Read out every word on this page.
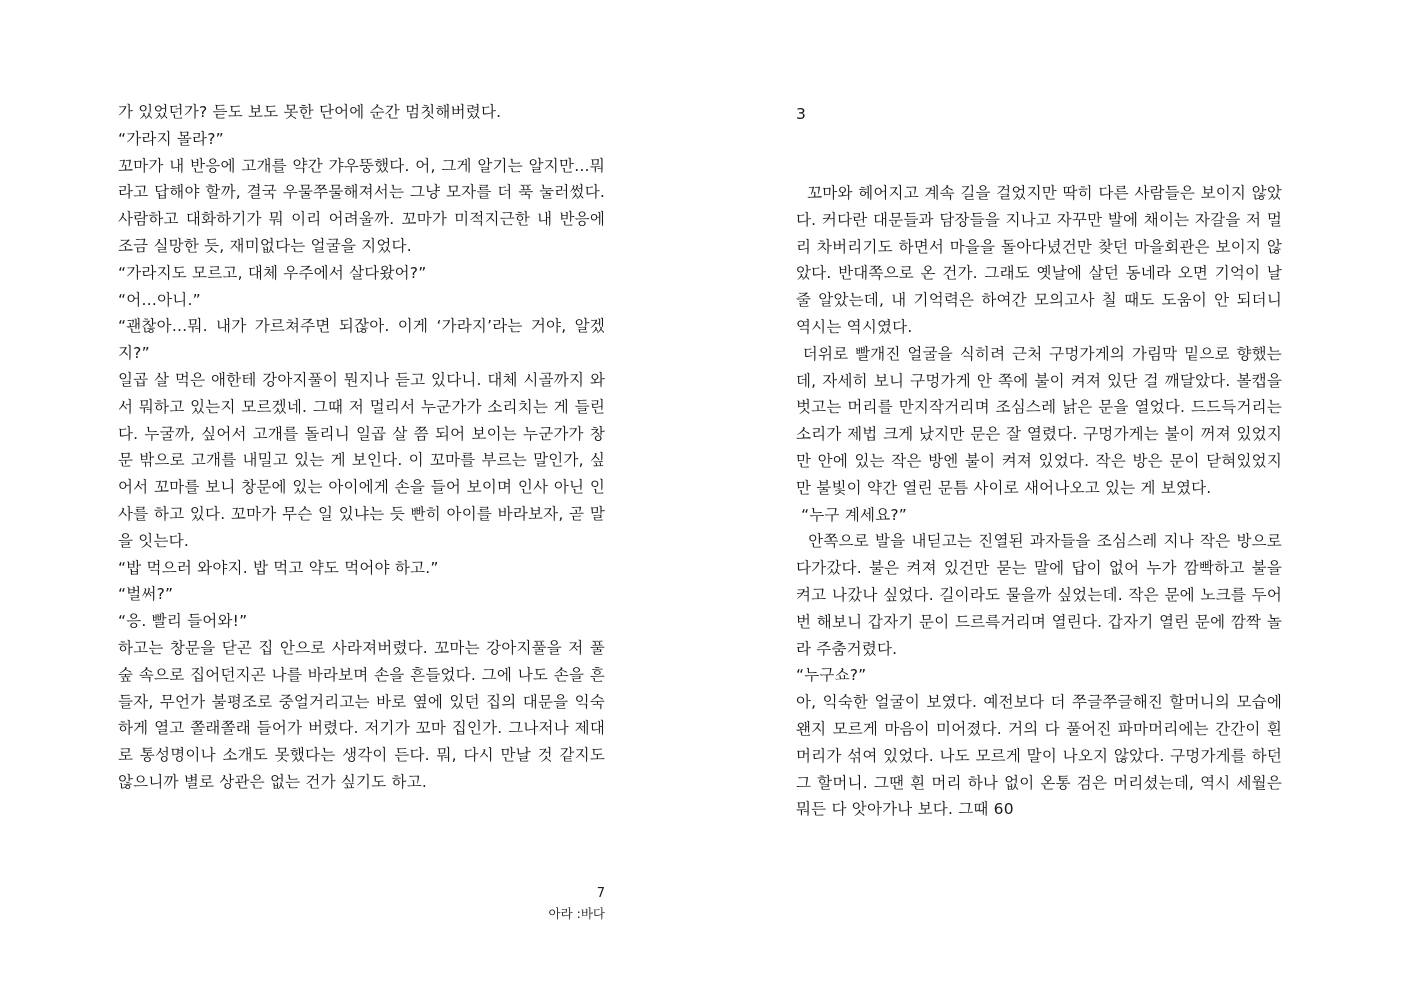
가 있었던가? 듣도 보도 못한 단어에 순간 멈칫해버렸다.

“가라지 몰라?”

꼬마가 내 반응에 고개를 약간 갸우뚱했다. 어, 그게 알기는 알지만…뭐라고 답해야 할까, 결국 우물쭈물해져서는 그냥 모자를 더 푹 눌러썼다. 사람하고 대화하기가 뭐 이리 어려울까. 꼬마가 미적지근한 내 반응에 조금 실망한 듯, 재미없다는 얼굴을 지었다.

“가라지도 모르고, 대체 우주에서 살다왔어?”

“어…아니.”

“괜찮아…뭐. 내가 가르쳐주면 되잖아. 이게 ‘가라지’라는 거야, 알겠지?”

일곱 살 먹은 애한테 강아지풀이 뭔지나 듣고 있다니. 대체 시골까지 와서 뭐하고 있는지 모르겠네. 그때 저 멀리서 누군가가 소리치는 게 들린다. 누굴까, 싶어서 고개를 돌리니 일곱 살 쯤 되어 보이는 누군가가 창문 밖으로 고개를 내밀고 있는 게 보인다. 이 꼬마를 부르는 말인가, 싶어서 꼬마를 보니 창문에 있는 아이에게 손을 들어 보이며 인사 아닌 인사를 하고 있다. 꼬마가 무슨 일 있냐는 듯 빤히 아이를 바라보자, 곧 말을 잇는다.

“밥 먹으러 와야지. 밥 먹고 약도 먹어야 하고.”

“벌써?”

“응. 빨리 들어와!”

하고는 창문을 닫곤 집 안으로 사라져버렸다. 꼬마는 강아지풀을 저 풀숲 속으로 집어던지곤 나를 바라보며 손을 흔들었다. 그에 나도 손을 흔들자, 무언가 불평조로 중얼거리고는 바로 옆에 있던 집의 대문을 익숙하게 열고 쫄래쫄래 들어가 버렸다. 저기가 꼬마 집인가. 그나저나 제대로 통성명이나 소개도 못했다는 생각이 든다. 뭐, 다시 만날 것 같지도 않으니까 별로 상관은 없는 건가 싶기도 하고.

7
아라 :바다
3

꼬마와 헤어지고 계속 길을 걸었지만 딱히 다른 사람들은 보이지 않았다. 커다란 대문들과 담장들을 지나고 자꾸만 발에 채이는 자갈을 저 멀리 차버리기도 하면서 마을을 돌아다녔건만 찾던 마을회관은 보이지 않았다. 반대쪽으로 온 건가. 그래도 옛날에 살던 동네라 오면 기억이 날 줄 알았는데, 내 기억력은 하여간 모의고사 칠 때도 도움이 안 되더니 역시는 역시였다.

더위로 빨개진 얼굴을 식히려 근처 구멍가게의 가림막 밑으로 향했는데, 자세히 보니 구멍가게 안 쪽에 불이 켜져 있단 걸 깨달았다. 볼캡을 벗고는 머리를 만지작거리며 조심스레 낡은 문을 열었다. 드드득거리는 소리가 제법 크게 났지만 문은 잘 열렸다. 구멍가게는 불이 꺼져 있었지만 안에 있는 작은 방엔 불이 켜져 있었다. 작은 방은 문이 닫혀있었지만 불빛이 약간 열린 문틈 사이로 새어나오고 있는 게 보였다.

“누구 계세요?”

안쪽으로 발을 내딛고는 진열된 과자들을 조심스레 지나 작은 방으로 다가갔다. 불은 켜져 있건만 묻는 말에 답이 없어 누가 깜빡하고 불을 켜고 나갔나 싶었다. 길이라도 물을까 싶었는데. 작은 문에 노크를 두어번 해보니 갑자기 문이 드르륵거리며 열린다. 갑자기 열린 문에 깜짝 놀라 주춤거렸다.

“누구쇼?”

아, 익숙한 얼굴이 보였다. 예전보다 더 쭈글쭈글해진 할머니의 모습에 왠지 모르게 마음이 미어졌다. 거의 다 풀어진 파마머리에는 간간이 흰머리가 섞여 있었다. 나도 모르게 말이 나오지 않았다. 구멍가게를 하던 그 할머니. 그땐 흰 머리 하나 없이 온통 검은 머리셨는데, 역시 세월은 뭐든 다 앗아가나 보다. 그때 60
